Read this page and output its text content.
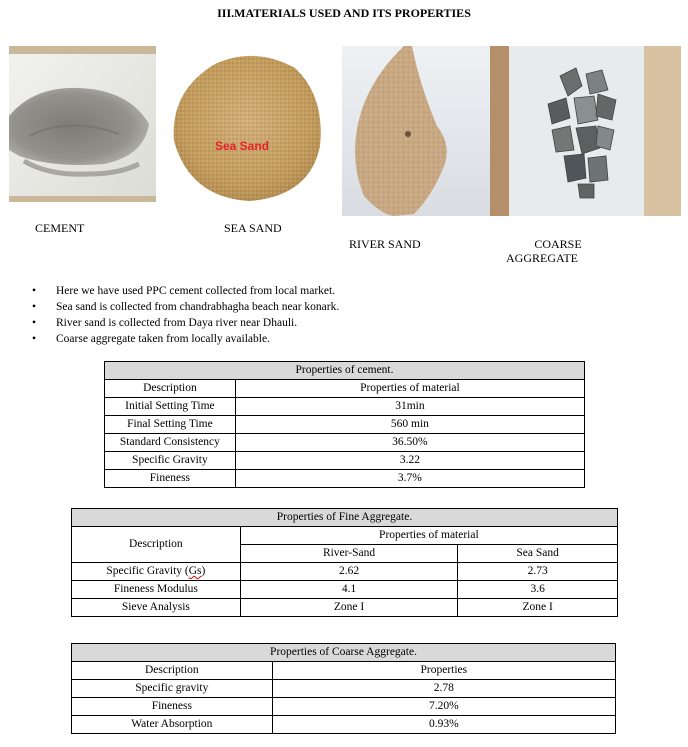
III.MATERIALS USED AND ITS PROPERTIES
Sea Sand
CEMENT	SEA SAND
RIVER SAND	COARSE
AGGREGATE
• Here we have used PPC cement collected from local market.
• Sea sand is collected from chandrabhagha beach near konark.
• River sand is collected from Daya river near Dhauli.
• Coarse aggregate taken from locally available.
Properties of cement.	
Description	Properties of material
Initial Setting Time	31min
Final Setting Time	560 min
Standard Consistency	36.50%
Specific Gravity	3.22
Fineness	3.7%
Properties of Fine Aggregate.		
Description	Properties of material	
	River-Sand	Sea Sand
Specific Gravity (Gs)	2.62	2.73
Fineness Modulus	4.1	3.6
Sieve Analysis	Zone I	Zone I
Properties of Coarse Aggregate.	
Description	Properties
Specific gravity	2.78
Fineness	7.20%
Water Absorption	0.93%
